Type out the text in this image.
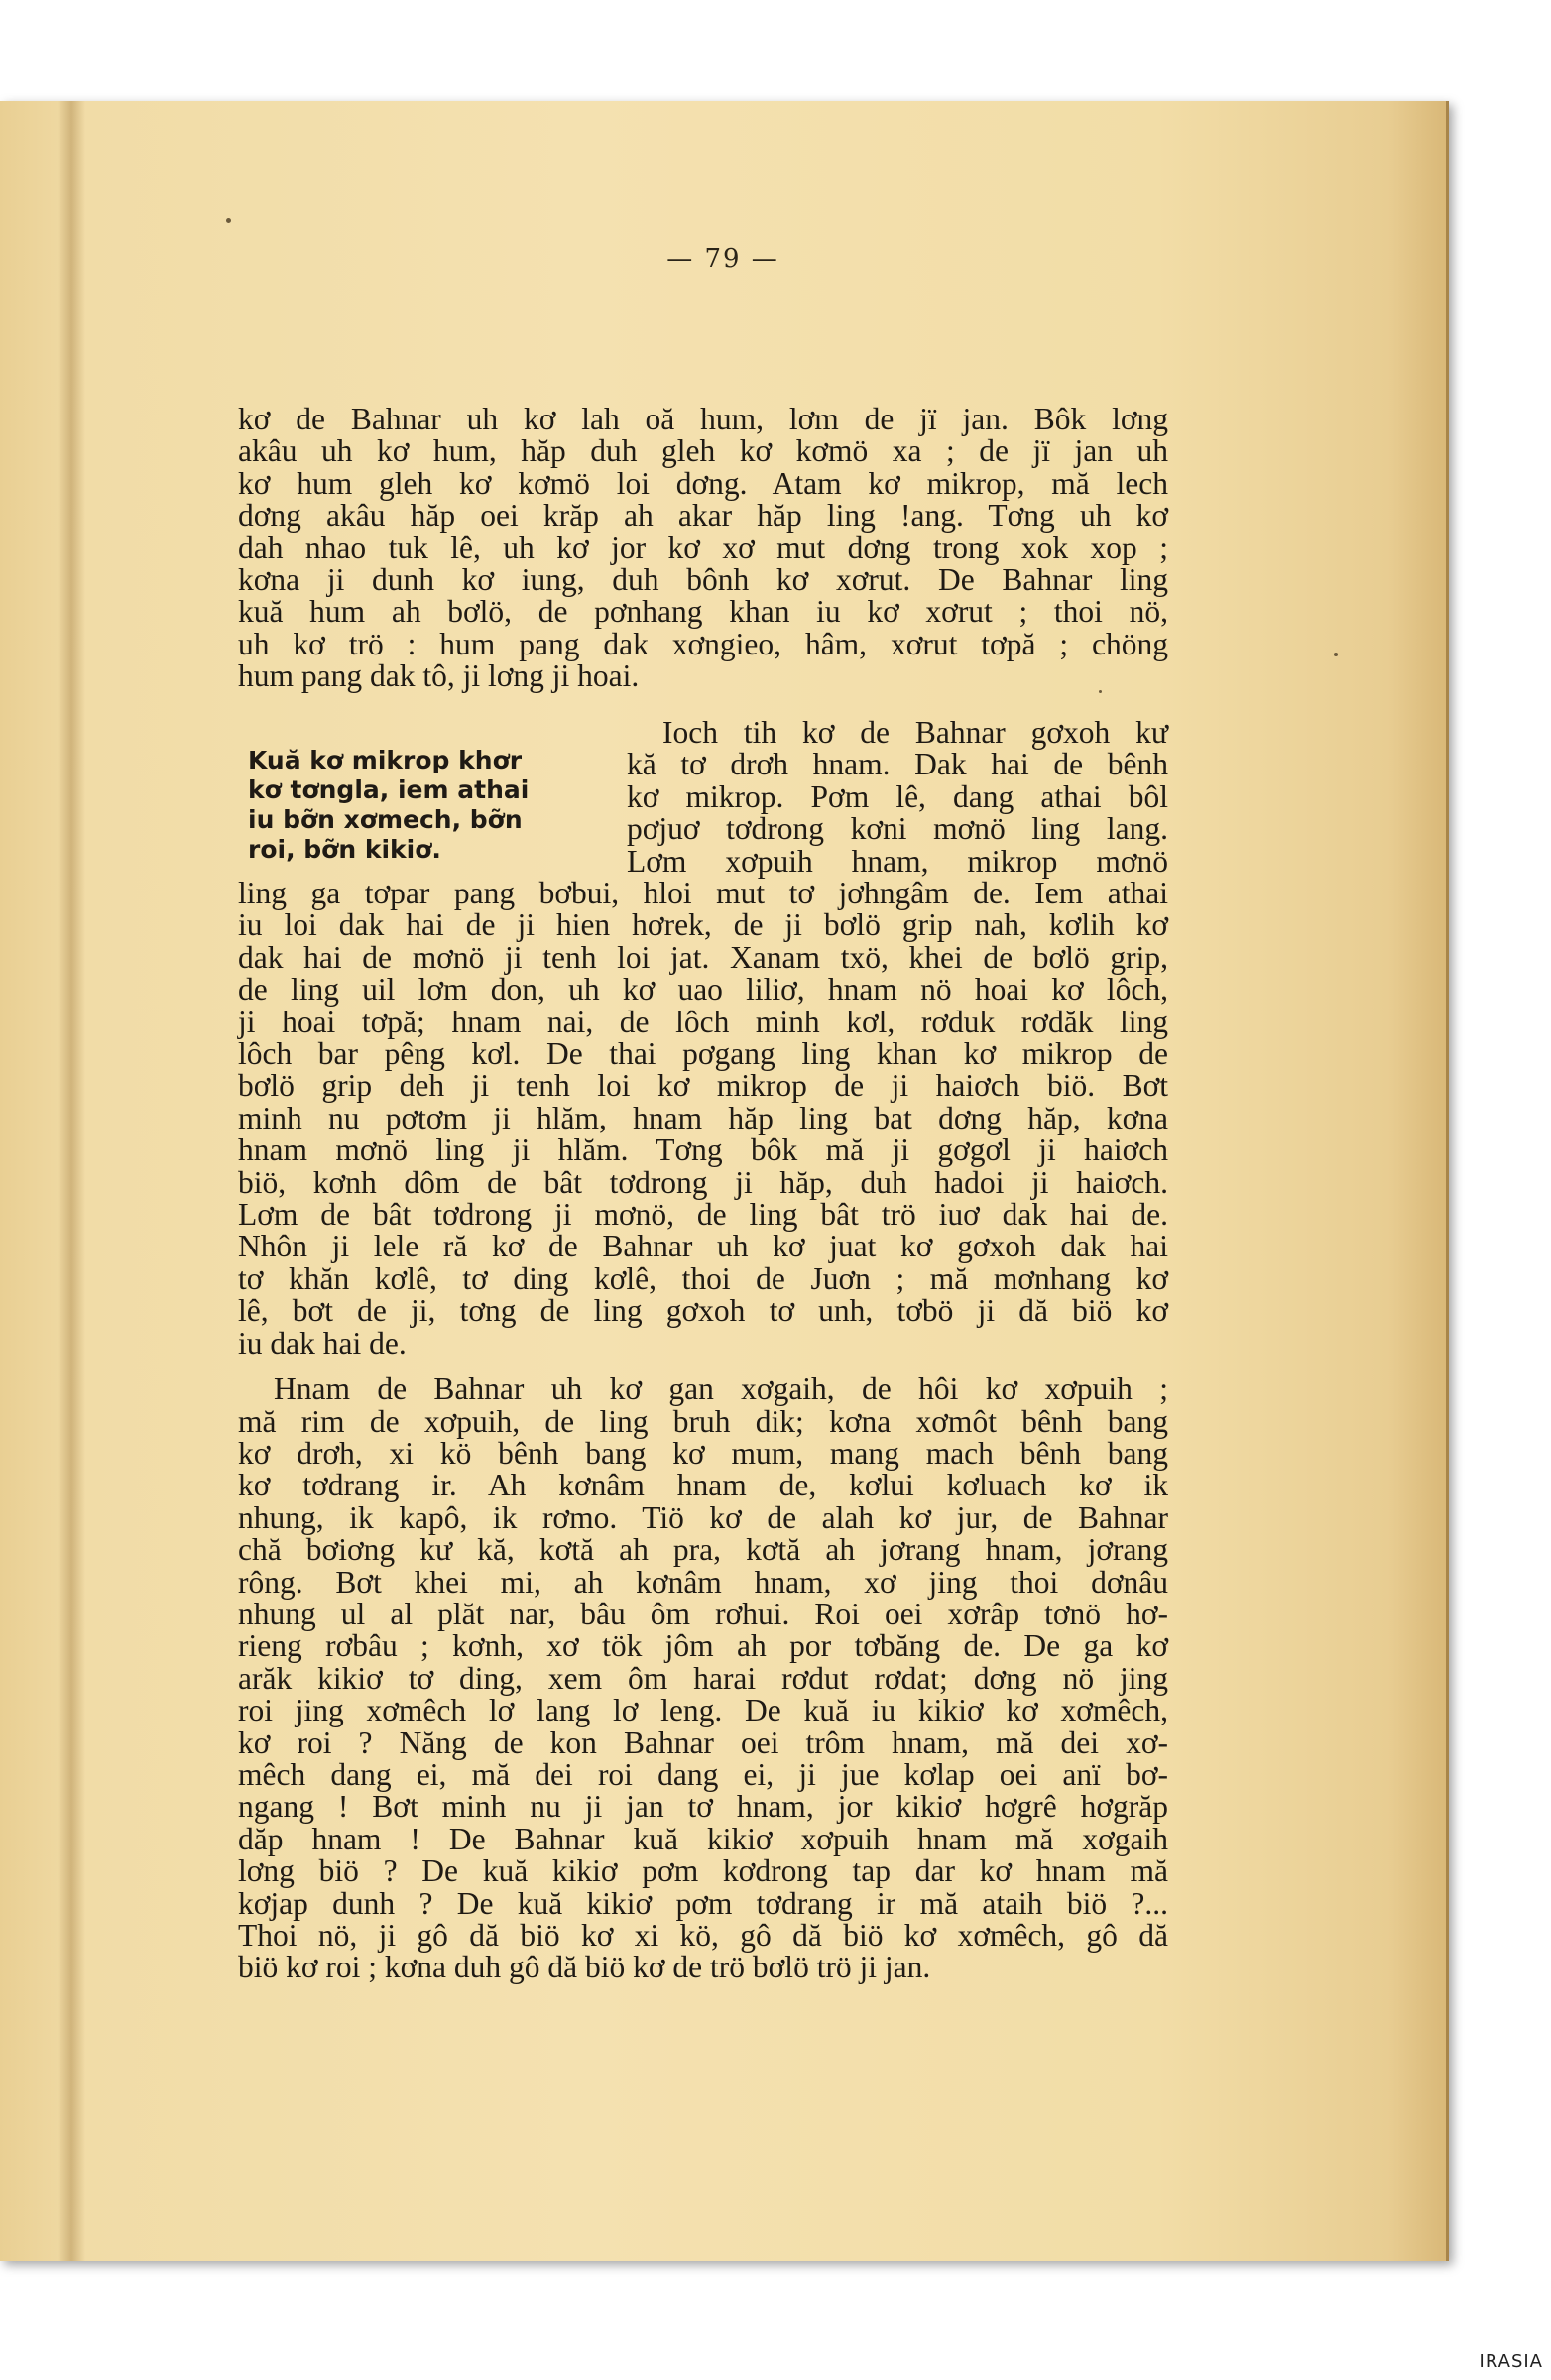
— 79 —
kơ de Bahnar uh kơ lah oă hum, lơm de jï jan. Bôk lơng
akâu uh kơ hum, hăp duh gleh kơ kơmö xa ; de jï jan uh
kơ hum gleh kơ kơmö loi dơng. Atam kơ mikrop, mă lech
dơng akâu hăp oei krăp ah akar hăp ling !ang. Tơng uh kơ
dah nhao tuk lê, uh kơ jor kơ xơ mut dơng trong xok xop ;
kơna ji dunh kơ iung, duh bônh kơ xơrut. De Bahnar ling
kuă hum ah bơlö, de pơnhang khan iu kơ xơrut ; thoi nö,
uh kơ trö : hum pang dak xơngieo, hâm, xơrut tơpă ; chöng
hum pang dak tô, ji lơng ji hoai.
Kuă kơ mikrop khơr
kơ tơngla, iem athai
iu bỡn xơmech, bỡn
roi, bỡn kikiơ.
Ioch tih kơ de Bahnar gơxoh kư
kă tơ drơh hnam. Dak hai de bênh
kơ mikrop. Pơm lê, dang athai bôl
pơjuơ tơdrong kơni mơnö ling lang.
Lơm xơpuih hnam, mikrop mơnö
ling ga tơpar pang bơbui, hloi mut tơ jơhngâm de. Iem athai
iu loi dak hai de ji hien hơrek, de ji bơlö grip nah, kơlih kơ
dak hai de mơnö ji tenh loi jat. Xanam txö, khei de bơlö grip,
de ling uil lơm don, uh kơ uao liliơ, hnam nö hoai kơ lôch,
ji hoai tơpă; hnam nai, de lôch minh kơl, rơduk rơdăk ling
lôch bar pêng kơl. De thai pơgang ling khan kơ mikrop de
bơlö grip deh ji tenh loi kơ mikrop de ji haiơch biö. Bơt
minh nu pơtơm ji hlăm, hnam hăp ling bat dơng hăp, kơna
hnam mơnö ling ji hlăm. Tơng bôk mă ji gơgơl ji haiơch
biö, kơnh dôm de bât tơdrong ji hăp, duh hadoi ji haiơch.
Lơm de bât tơdrong ji mơnö, de ling bât trö iuơ dak hai de.
Nhôn ji lele ră kơ de Bahnar uh kơ juat kơ gơxoh dak hai
tơ khăn kơlê, tơ ding kơlê, thoi de Juơn ; mă mơnhang kơ
lê, bơt de ji, tơng de ling gơxoh tơ unh, tơbö ji dă biö kơ
iu dak hai de.
Hnam de Bahnar uh kơ gan xơgaih, de hôi kơ xơpuih ;
mă rim de xơpuih, de ling bruh dik; kơna xơmôt bênh bang
kơ drơh, xi kö bênh bang kơ mum, mang mach bênh bang
kơ tơdrang ir. Ah kơnâm hnam de, kơlui kơluach kơ ik
nhung, ik kapô, ik rơmo. Tiö kơ de alah kơ jur, de Bahnar
chă bơiơng kư kă, kơtă ah pra, kơtă ah jơrang hnam, jơrang
rông. Bơt khei mi, ah kơnâm hnam, xơ jing thoi dơnâu
nhung ul al plăt nar, bâu ôm rơhui. Roi oei xơrâp tơnö hơ-
rieng rơbâu ; kơnh, xơ tök jôm ah por tơbăng de. De ga kơ
arăk kikiơ tơ ding, xem ôm harai rơdut rơdat; dơng nö jing
roi jing xơmêch lơ lang lơ leng. De kuă iu kikiơ kơ xơmêch,
kơ roi ? Năng de kon Bahnar oei trôm hnam, mă dei xơ-
mêch dang ei, mă dei roi dang ei, ji jue kơlap oei anï bơ-
ngang ! Bơt minh nu ji jan tơ hnam, jor kikiơ hơgrê hơgrăp
dăp hnam ! De Bahnar kuă kikiơ xơpuih hnam mă xơgaih
lơng biö ? De kuă kikiơ pơm kơdrong tap dar kơ hnam mă
kơjap dunh ? De kuă kikiơ pơm tơdrang ir mă ataih biö ?...
Thoi nö, ji gô dă biö kơ xi kö, gô dă biö kơ xơmêch, gô dă
biö kơ roi ; kơna duh gô dă biö kơ de trö bơlö trö ji jan.
IRASIA
